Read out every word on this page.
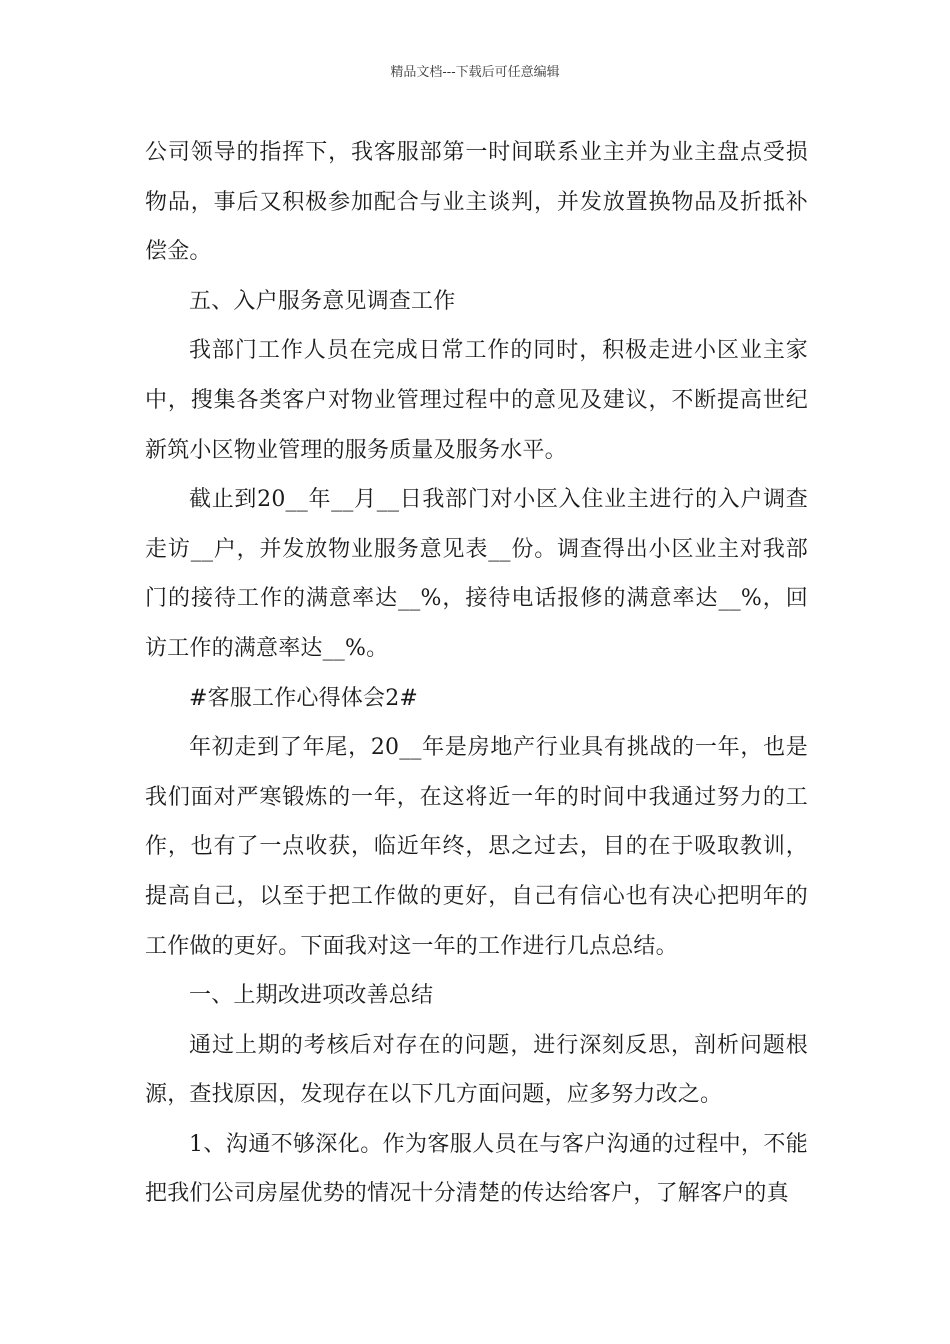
精品文档---下载后可任意编辑

公司领导的指挥下，我客服部第一时间联系业主并为业主盘点受损物品，事后又积极参加配合与业主谈判，并发放置换物品及折抵补偿金。

五、入户服务意见调查工作

我部门工作人员在完成日常工作的同时，积极走进小区业主家中，搜集各类客户对物业管理过程中的意见及建议，不断提高世纪新筑小区物业管理的服务质量及服务水平。

截止到20__年__月__日我部门对小区入住业主进行的入户调查走访__户，并发放物业服务意见表__份。调查得出小区业主对我部门的接待工作的满意率达__%，接待电话报修的满意率达__%，回访工作的满意率达__%。

#客服工作心得体会2#

年初走到了年尾，20__年是房地产行业具有挑战的一年，也是我们面对严寒锻炼的一年，在这将近一年的时间中我通过努力的工作，也有了一点收获，临近年终，思之过去，目的在于吸取教训，提高自己，以至于把工作做的更好，自己有信心也有决心把明年的工作做的更好。下面我对这一年的工作进行几点总结。

一、上期改进项改善总结

通过上期的考核后对存在的问题，进行深刻反思，剖析问题根源，查找原因，发现存在以下几方面问题，应多努力改之。

1、沟通不够深化。作为客服人员在与客户沟通的过程中，不能把我们公司房屋优势的情况十分清楚的传达给客户，了解客户的真
